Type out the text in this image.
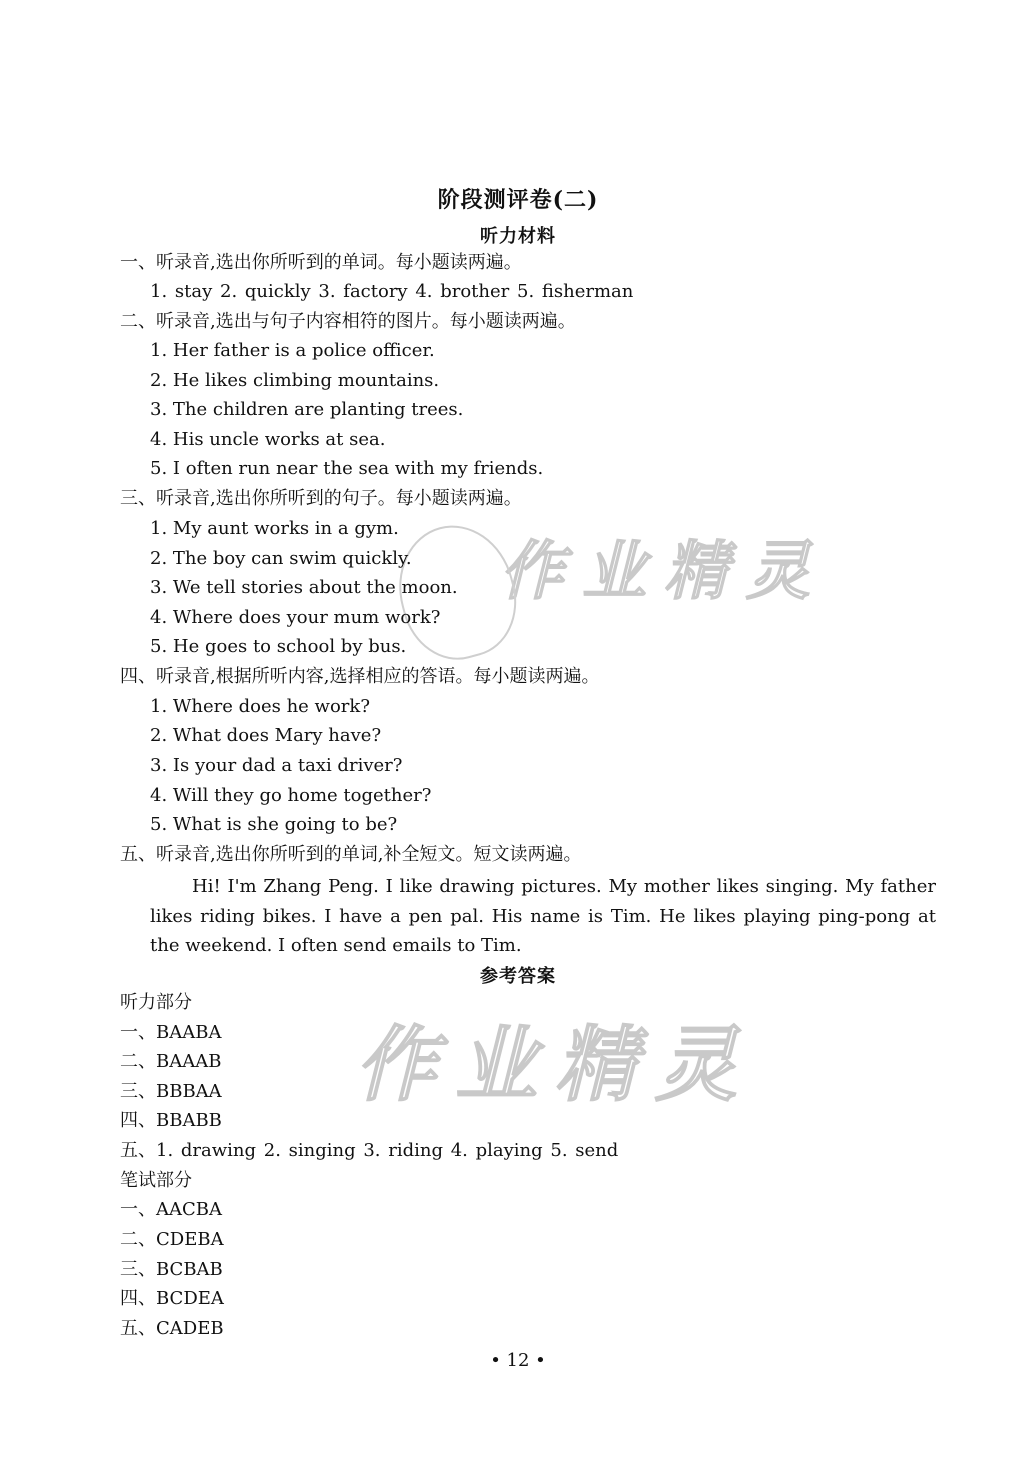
作业精灵
作业精灵
阶段测评卷(二)
听力材料
一、听录音,选出你所听到的单词。每小题读两遍。
1. stay 2. quickly 3. factory 4. brother 5. fisherman
二、听录音,选出与句子内容相符的图片。每小题读两遍。
1. Her father is a police officer.
2. He likes climbing mountains.
3. The children are planting trees.
4. His uncle works at sea.
5. I often run near the sea with my friends.
三、听录音,选出你所听到的句子。每小题读两遍。
1. My aunt works in a gym.
2. The boy can swim quickly.
3. We tell stories about the moon.
4. Where does your mum work?
5. He goes to school by bus.
四、听录音,根据所听内容,选择相应的答语。每小题读两遍。
1. Where does he work?
2. What does Mary have?
3. Is your dad a taxi driver?
4. Will they go home together?
5. What is she going to be?
五、听录音,选出你所听到的单词,补全短文。短文读两遍。
Hi! I'm Zhang Peng. I like drawing pictures. My mother likes singing. My father likes riding bikes. I have a pen pal. His name is Tim. He likes playing ping-pong at the weekend. I often send emails to Tim.
参考答案
听力部分
一、BAABA
二、BAAAB
三、BBBAA
四、BBABB
五、1. drawing 2. singing 3. riding 4. playing 5. send
笔试部分
一、AACBA
二、CDEBA
三、BCBAB
四、BCDEA
五、CADEB
• 12 •
